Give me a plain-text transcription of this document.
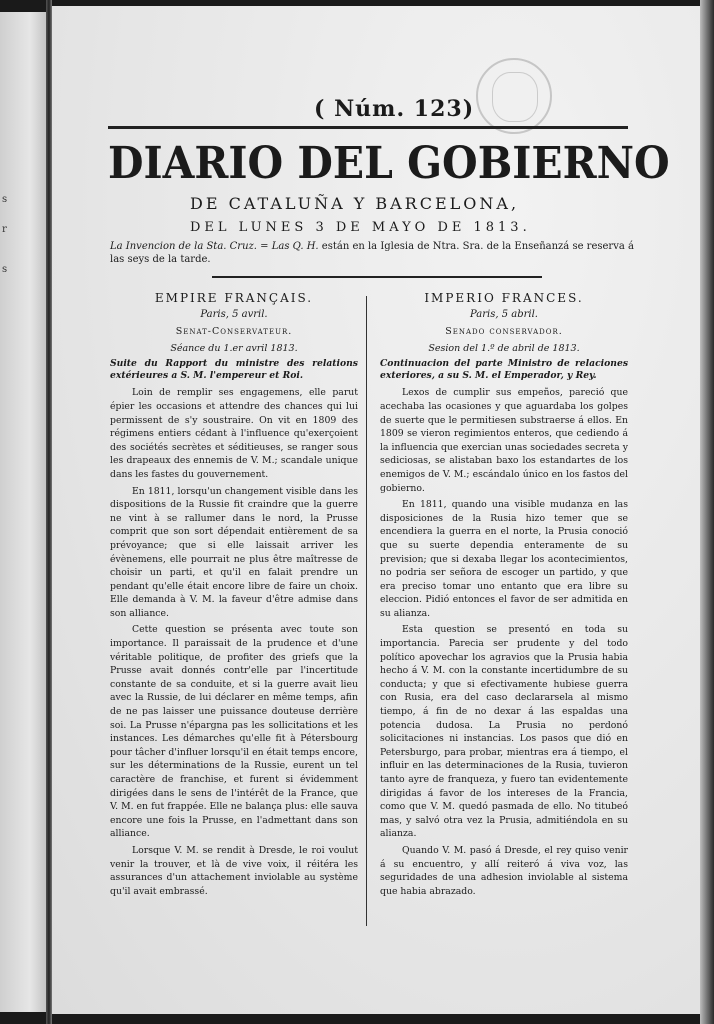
s
r
s
( Núm. 123)
DIARIO DEL GOBIERNO
DE CATALUÑA Y BARCELONA,
DEL LUNES 3 DE MAYO DE 1813.
La Invencion de la Sta. Cruz. = Las Q. H. están en la Iglesia de Ntra. Sra. de la Enseñanzá se reserva á las seys de la tarde.
EMPIRE FRANÇAIS.
Paris, 5 avril.
Senat-Conservateur.
Séance du 1.er avril 1813.
Suite du Rapport du ministre des relations extérieures a S. M. l'empereur et Roi.

Loin de remplir ses engagemens, elle parut épier les occasions et attendre des chances qui lui permissent de s'y soustraire. On vit en 1809 des régimens entiers cédant à l'influence qu'exerçoient des sociétés secrètes et séditieuses, se ranger sous les drapeaux des ennemis de V. M.; scandale unique dans les fastes du gouvernement.

En 1811, lorsqu'un changement visible dans les dispositions de la Russie fit craindre que la guerre ne vint à se rallumer dans le nord, la Prusse comprit que son sort dépendait entièrement de sa prévoyance; que si elle laissait arriver les évènemens, elle pourrait ne plus être maîtresse de choisir un parti, et qu'il en falait prendre un pendant qu'elle était encore libre de faire un choix. Elle demanda à V. M. la faveur d'être admise dans son alliance.

Cette question se présenta avec toute son importance. Il paraissait de la prudence et d'une véritable politique, de profiter des griefs que la Prusse avait donnés contr'elle par l'incertitude constante de sa conduite, et si la guerre avait lieu avec la Russie, de lui déclarer en même temps, afin de ne pas laisser une puissance douteuse derrière soi. La Prusse n'épargna pas les sollicitations et les instances. Les démarches qu'elle fit à Pétersbourg pour tâcher d'influer lorsqu'il en était temps encore, sur les déterminations de la Russie, eurent un tel caractère de franchise, et furent si évidemment dirigées dans le sens de l'intérêt de la France, que V. M. en fut frappée. Elle ne balança plus: elle sauva encore une fois la Prusse, en l'admettant dans son alliance.

Lorsque V. M. se rendit à Dresde, le roi voulut venir la trouver, et là de vive voix, il réitéra les assurances d'un attachement inviolable au système qu'il avait embrassé.

IMPERIO FRANCES.
Paris, 5 abril.
Senado conservador.
Sesion del 1.º de abril de 1813.
Continuacion del parte Ministro de relaciones exteriores, a su S. M. el Emperador, y Rey.

Lexos de cumplir sus empeños, pareció que acechaba las ocasiones y que aguardaba los golpes de suerte que le permitiesen substraerse á ellos. En 1809 se vieron regimientos enteros, que cediendo á la influencia que exercian unas sociedades secreta y sediciosas, se alistaban baxo los estandartes de los enemigos de V. M.; escándalo único en los fastos del gobierno.

En 1811, quando una visible mudanza en las disposiciones de la Rusia hizo temer que se encendiera la guerra en el norte, la Prusia conoció que su suerte dependia enteramente de su prevision; que si dexaba llegar los acontecimientos, no podria ser señora de escoger un partido, y que era preciso tomar uno entanto que era libre su eleccion. Pidió entonces el favor de ser admitida en su alianza.

Esta question se presentó en toda su importancia. Parecia ser prudente y del todo político apovechar los agravios que la Prusia habia hecho á V. M. con la constante incertidumbre de su conducta; y que si efectivamente hubiese guerra con Rusia, era del caso declararsela al mismo tiempo, á fin de no dexar á las espaldas una potencia dudosa. La Prusia no perdonó solicitaciones ni instancias. Los pasos que dió en Petersburgo, para probar, mientras era á tiempo, el influir en las determinaciones de la Rusia, tuvieron tanto ayre de franqueza, y fuero tan evidentemente dirigidas á favor de los intereses de la Francia, como que V. M. quedó pasmada de ello. No titubeó mas, y salvó otra vez la Prusia, admitiéndola en su alianza.

Quando V. M. pasó á Dresde, el rey quiso venir á su encuentro, y allí reiteró á viva voz, las seguridades de una adhesion inviolable al sistema que habia abrazado.
